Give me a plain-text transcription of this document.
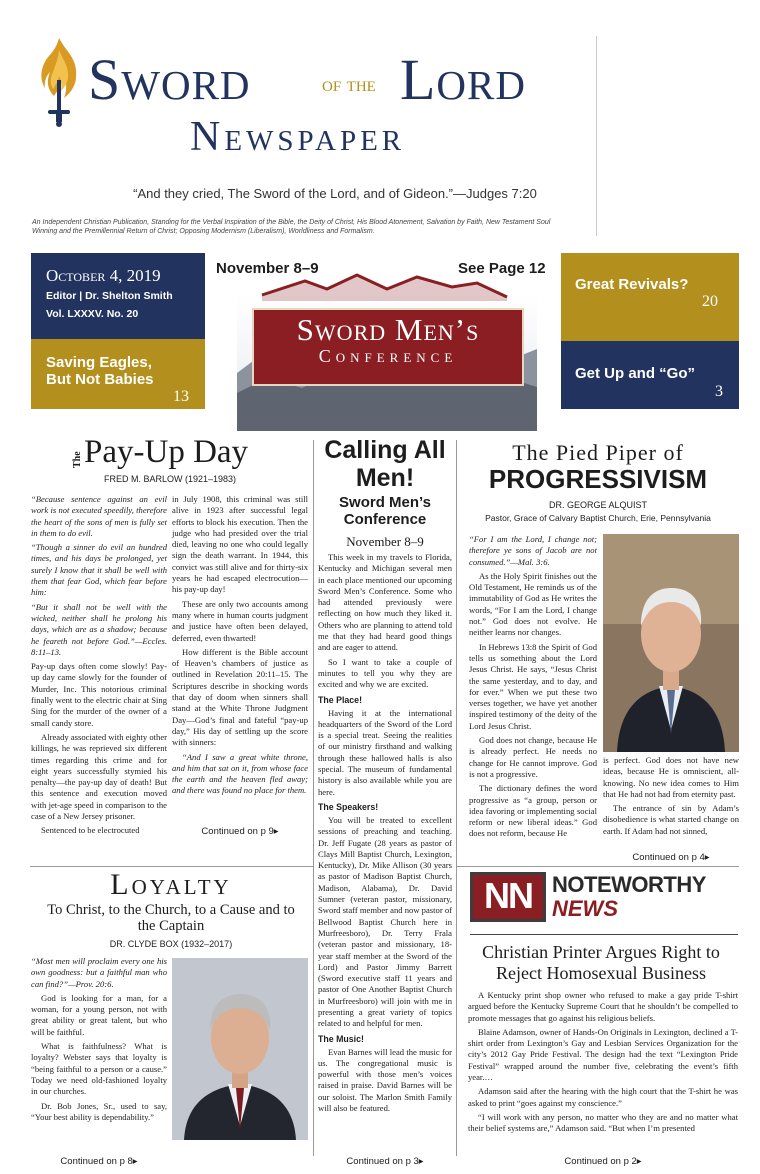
Sword	of the Lord
Newspaper
“And they cried, The Sword of the Lord, and of Gideon.”—Judges 7:20
An Independent Christian Publication, Standing for the Verbal Inspiration of the Bible, the Deity of Christ, His Blood Atonement, Salvation by Faith, New Testament Soul Winning and the Premillennial Return of Christ; Opposing Modernism (Liberalism), Worldliness and Formalism.
October 4, 2019
Editor | Dr. Shelton Smith
Vol. LXXXV. No. 20
Saving Eagles, But Not Babies
13
November 8–9	See Page 12
Sword Men’s
Conference
Great Revivals?
20
Get Up and “Go”
3
The Pay-Up Day
FRED M. BARLOW (1921–1983)

“Because sentence against an evil work is not executed speedily, therefore the heart of the sons of men is fully set in them to do evil.

“Though a sinner do evil an hundred times, and his days be prolonged, yet surely I know that it shall be well with them that fear God, which fear before him:

“But it shall not be well with the wicked, neither shall he prolong his days, which are as a shadow; because he feareth not before God.”—Eccles. 8:11–13.

Pay-up days often come slowly! Pay-up day came slowly for the founder of Murder, Inc. This notorious criminal finally went to the electric chair at Sing Sing for the murder of the owner of a small candy store.

Already associated with eighty other killings, he was reprieved six different times regarding this crime and for eight years successfully stymied his penalty—the pay-up day of death! But this sentence and execution moved with jet-age speed in comparison to the case of a New Jersey prisoner.

Sentenced to be electrocuted

in July 1908, this criminal was still alive in 1923 after successful legal efforts to block his execution. Then the judge who had presided over the trial died, leaving no one who could legally sign the death warrant. In 1944, this convict was still alive and for thirty-six years he had escaped electrocution—his pay-up day!

These are only two accounts among many where in human courts judgment and justice have often been delayed, deferred, even thwarted!

How different is the Bible account of Heaven’s chambers of justice as outlined in Revelation 20:11–15. The Scriptures describe in shocking words that day of doom when sinners shall stand at the White Throne Judgment Day—God’s final and fateful “pay-up day,” His day of settling up the score with sinners:

“And I saw a great white throne, and him that sat on it, from whose face the earth and the heaven fled away; and there was found no place for them.

Continued on p 9▸
Calling All Men!
Sword Men’s Conference
November 8–9

This week in my travels to Florida, Kentucky and Michigan several men in each place mentioned our upcoming Sword Men’s Conference. Some who had attended previously were reflecting on how much they liked it. Others who are planning to attend told me that they had heard good things and are eager to attend.

So I want to take a couple of minutes to tell you why they are excited and why we are excited.

The Place!

Having it at the international headquarters of the Sword of the Lord is a special treat. Seeing the realities of our ministry firsthand and walking through these hallowed halls is also special. The museum of fundamental history is also available while you are here.

The Speakers!

You will be treated to excellent sessions of preaching and teaching. Dr. Jeff Fugate (28 years as pastor of Clays Mill Baptist Church, Lexington, Kentucky), Dr. Mike Allison (30 years as pastor of Madison Baptist Church, Madison, Alabama), Dr. David Sumner (veteran pastor, missionary, Sword staff member and now pastor of Bellwood Baptist Church here in Murfreesboro), Dr. Terry Frala (veteran pastor and missionary, 18-year staff member at the Sword of the Lord) and Pastor Jimmy Barrett (Sword executive staff 11 years and pastor of One Another Baptist Church in Murfreesboro) will join with me in presenting a great variety of topics related to and helpful for men.

The Music!

Evan Barnes will lead the music for us. The congregational music is powerful with those men’s voices raised in praise. David Barnes will be our soloist. The Marlon Smith Family will also be featured.

Continued on p 3▸
The Pied Piper of
PROGRESSIVISM
DR. GEORGE ALQUIST
Pastor, Grace of Calvary Baptist Church, Erie, Pennsylvania

“For I am the Lord, I change not; therefore ye sons of Jacob are not consumed.”—Mal. 3:6.

As the Holy Spirit finishes out the Old Testament, He reminds us of the immutability of God as He writes the words, “For I am the Lord, I change not.” God does not evolve. He neither learns nor changes.

In Hebrews 13:8 the Spirit of God tells us something about the Lord Jesus Christ. He says, “Jesus Christ the same yesterday, and to day, and for ever.” When we put these two verses together, we have yet another inspired testimony of the deity of the Lord Jesus Christ.

God does not change, because He is already perfect. He needs no change for He cannot improve. God is not a progressive.

The dictionary defines the word progressive as “a group, person or idea favoring or implementing social reform or new liberal ideas.” God does not reform, because He

is perfect. God does not have new ideas, because He is omniscient, all-knowing. No new idea comes to Him that He had not had from eternity past.

The entrance of sin by Adam’s disobedience is what started change on earth. If Adam had not sinned,

Continued on p 4▸
Loyalty
To Christ, to the Church, to a Cause and to the Captain
DR. CLYDE BOX (1932–2017)

“Most men will proclaim every one his own goodness: but a faithful man who can find?”—Prov. 20:6.

God is looking for a man, for a woman, for a young person, not with great ability or great talent, but who will be faithful.

What is faithfulness? What is loyalty? Webster says that loyalty is “being faithful to a person or a cause.” Today we need old-fashioned loyalty in our churches.

Dr. Bob Jones, Sr., used to say, “Your best ability is dependability.”

Continued on p 8▸
NN NOTEWORTHY
NEWS
Christian Printer Argues Right to Reject Homosexual Business

A Kentucky print shop owner who refused to make a gay pride T-shirt argued before the Kentucky Supreme Court that he shouldn’t be compelled to promote messages that go against his religious beliefs.

Blaine Adamson, owner of Hands-On Originals in Lexington, declined a T-shirt order from Lexington’s Gay and Lesbian Services Organization for the city’s 2012 Gay Pride Festival. The design had the text “Lexington Pride Festival” wrapped around the number five, celebrating the event’s fifth year.…

Adamson said after the hearing with the high court that the T-shirt he was asked to print “goes against my conscience.”

“I will work with any person, no matter who they are and no matter what their belief systems are,” Adamson said. “But when I’m presented

Continued on p 2▸
